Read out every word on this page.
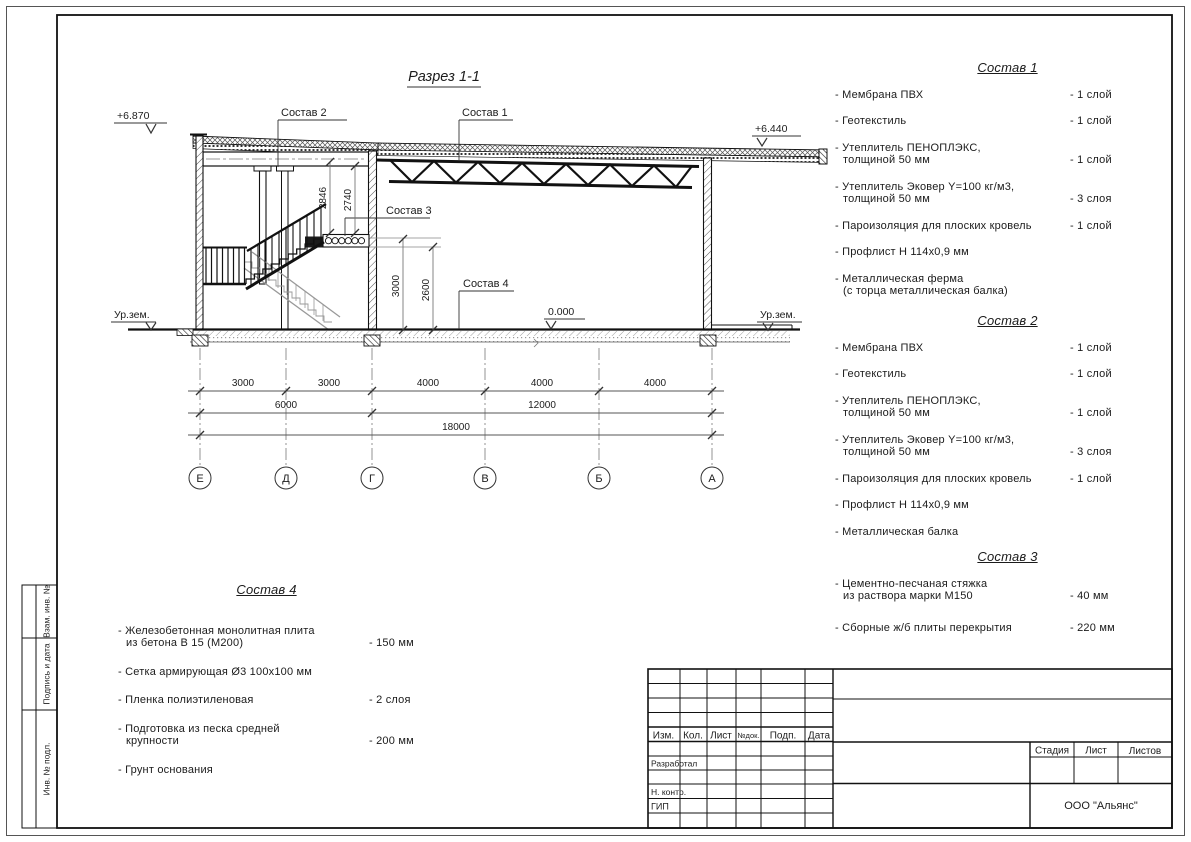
Взам. инв. №
Подпись и дата
Инв. № подл.
Изм. Кол. Лист №док. Подп. Дата
Разработал
Н. контр.
ГИП
Стадия Лист Листов
ООО "Альянс"
Разрез 1-1
Состав 2	Состав 1
Состав 3
Состав 4
+6.870
+6.440
0.000
Ур.зем.	Ур.зем.
2846 2740
3000 2600
3000	3000	4000	4000	4000
6000	12000
18000
Е	Д	Г	В	Б	А
Состав 1
- Мембрана ПВХ	- 1 слой
- Геотекстиль	- 1 слой
- Утеплитель ПЕНОПЛЭКС,
толщиной 50 мм	- 1 слой
- Утеплитель Эковер Y=100 кг/м3,
толщиной 50 мм	- 3 слоя
- Пароизоляция для плоских кровель	- 1 слой
- Профлист Н 114х0,9 мм
- Металлическая ферма
(с торца металлическая балка)
Состав 2
- Мембрана ПВХ	- 1 слой
- Геотекстиль	- 1 слой
- Утеплитель ПЕНОПЛЭКС,
толщиной 50 мм	- 1 слой
- Утеплитель Эковер Y=100 кг/м3,
толщиной 50 мм	- 3 слоя
- Пароизоляция для плоских кровель	- 1 слой
- Профлист Н 114х0,9 мм
- Металлическая балка
Состав 3
- Цементно-песчаная стяжка
из раствора марки М150	- 40 мм
- Сборные ж/б плиты перекрытия	- 220 мм
Состав 4
- Железобетонная монолитная плита
из бетона В 15 (М200)	- 150 мм
- Сетка армирующая Ø3 100х100 мм
- Пленка полиэтиленовая	- 2 слоя
- Подготовка из песка средней
крупности	- 200 мм
- Грунт основания
